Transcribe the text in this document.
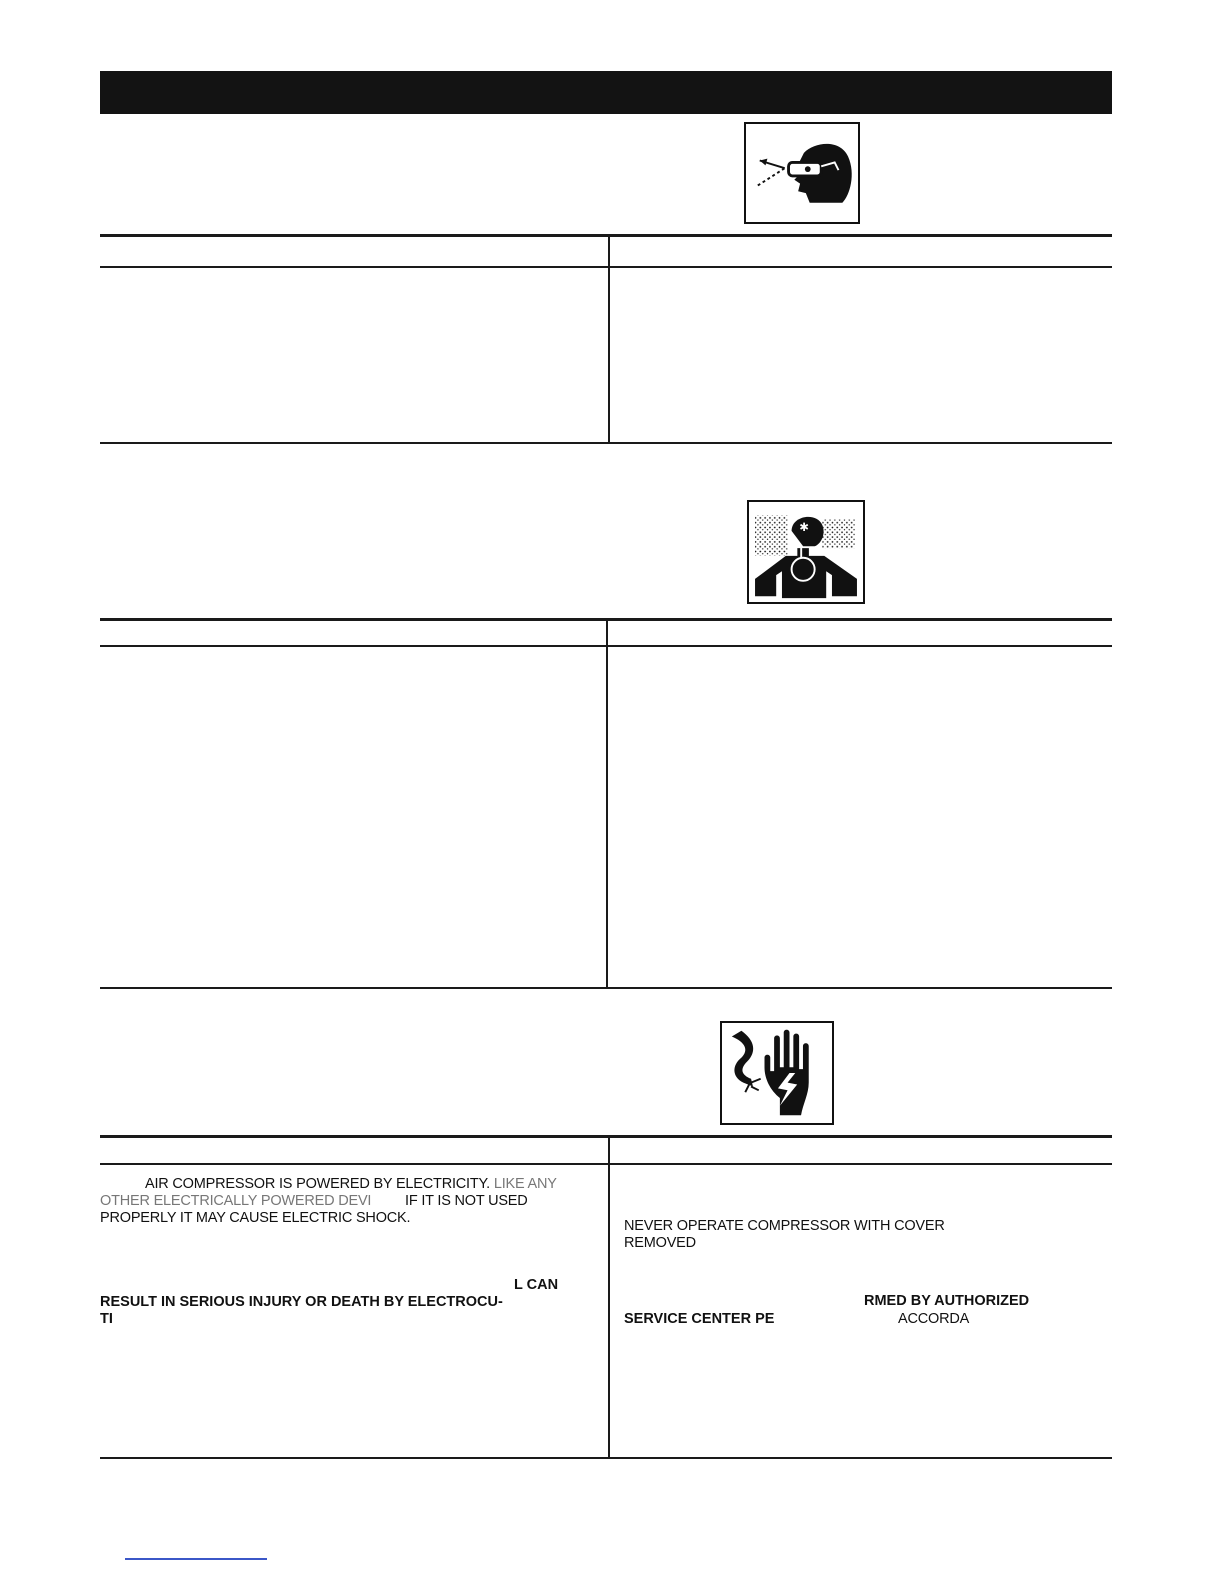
✱
AIR COMPRESSOR IS POWERED BY ELECTRICITY. LIKE ANY
OTHER ELECTRICALLY POWERED DEVI IF IT IS NOT USED
PROPERLY IT MAY CAUSE ELECTRIC SHOCK.
L CAN
RESULT IN SERIOUS INJURY OR DEATH BY ELECTROCU-
TI
NEVER OPERATE COMPRESSOR WITH COVER
REMOVED
RMED BY AUTHORIZED
SERVICE CENTER PE	ACCORDA
